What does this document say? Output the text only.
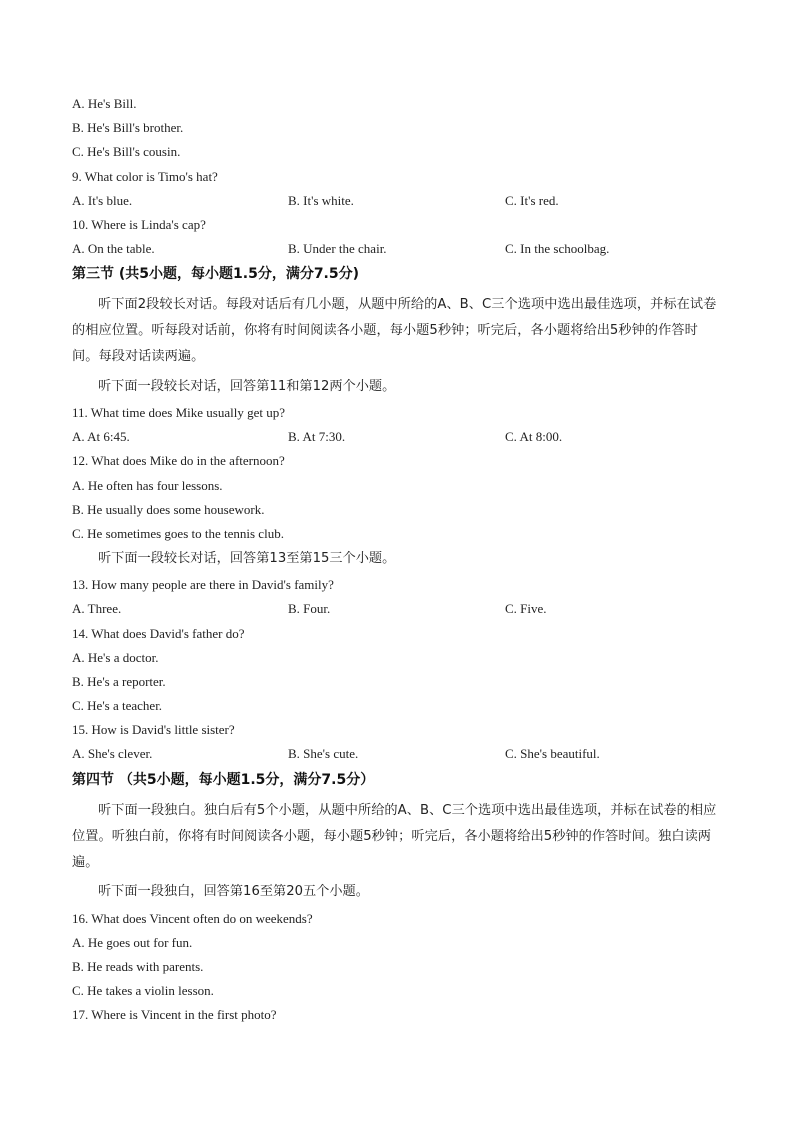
A. He's Bill.
B. He's Bill's brother.
C. He's Bill's cousin.
9. What color is Timo's hat?
A. It's blue.	B. It's white.	C. It's red.
10. Where is Linda's cap?
A. On the table.	B. Under the chair.	C. In the schoolbag.
第三节 (共5小题，每小题1.5分，满分7.5分)
听下面2段较长对话。每段对话后有几小题，从题中所给的A、B、C三个选项中选出最佳选项，并标在试卷的相应位置。听每段对话前，你将有时间阅读各小题，每小题5秒钟；听完后，各小题将给出5秒钟的作答时间。每段对话读两遍。
听下面一段较长对话，回答第11和第12两个小题。
11. What time does Mike usually get up?
A. At 6:45.	B. At 7:30.	C. At 8:00.
12. What does Mike do in the afternoon?
A. He often has four lessons.
B. He usually does some housework.
C. He sometimes goes to the tennis club.
听下面一段较长对话，回答第13至第15三个小题。
13. How many people are there in David's family?
A. Three.	B. Four.	C. Five.
14. What does David's father do?
A. He's a doctor.
B. He's a reporter.
C. He's a teacher.
15. How is David's little sister?
A. She's clever.	B. She's cute.	C. She's beautiful.
第四节 （共5小题，每小题1.5分，满分7.5分）
听下面一段独白。独白后有5个小题，从题中所给的A、B、C三个选项中选出最佳选项，并标在试卷的相应位置。听独白前，你将有时间阅读各小题，每小题5秒钟；听完后，各小题将给出5秒钟的作答时间。独白读两遍。
听下面一段独白，回答第16至第20五个小题。
16. What does Vincent often do on weekends?
A. He goes out for fun.
B. He reads with parents.
C. He takes a violin lesson.
17. Where is Vincent in the first photo?
